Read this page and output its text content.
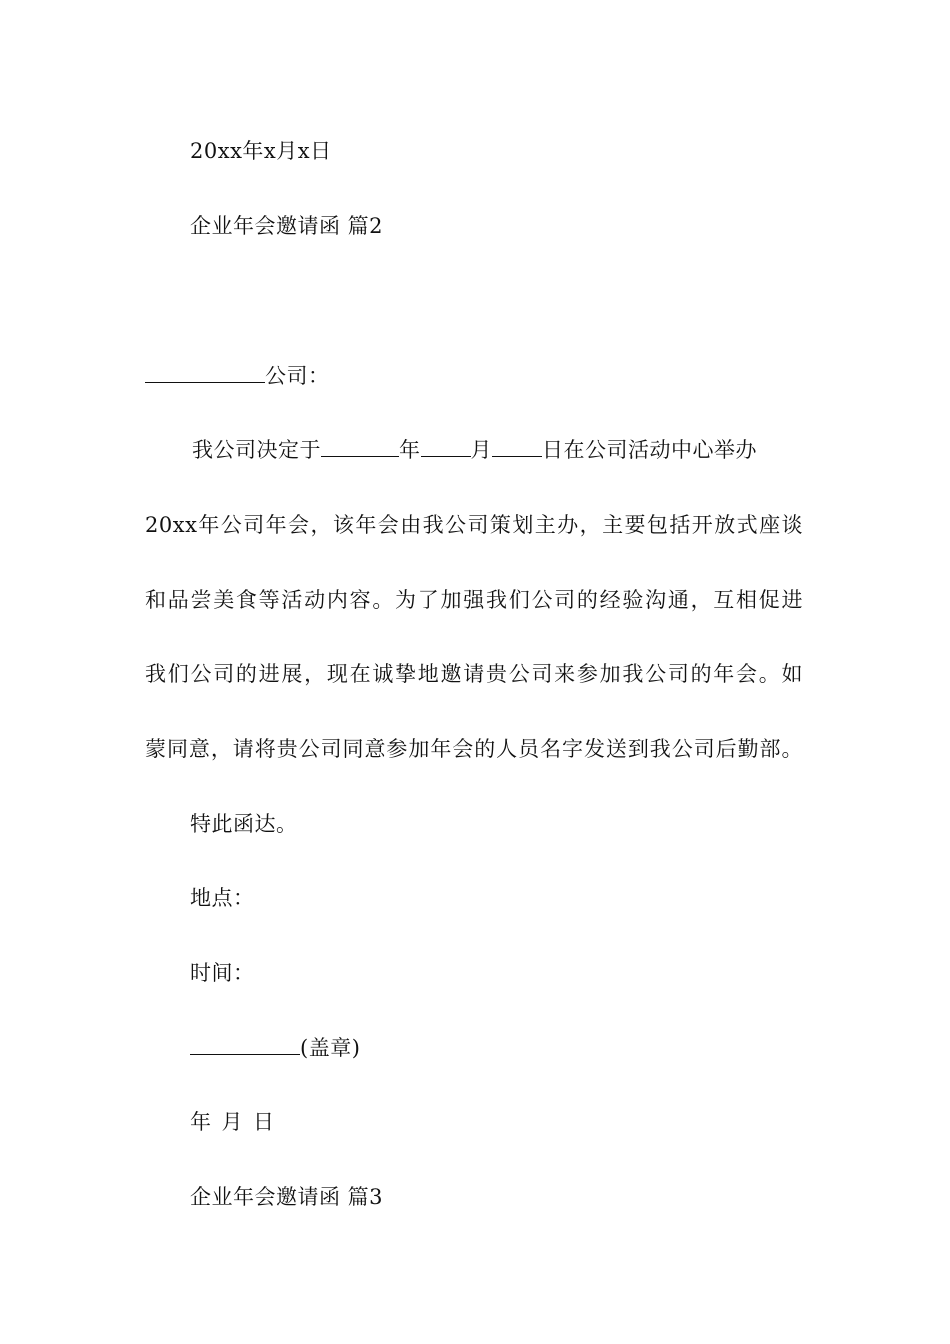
20xx年x月x日
企业年会邀请函 篇2
公司：
我公司决定于	年 月 日在公司活动中心举办
20xx年公司年会，该年会由我公司策划主办，主要包括开放式座谈
和品尝美食等活动内容。为了加强我们公司的经验沟通，互相促进
我们公司的进展，现在诚挚地邀请贵公司来参加我公司的年会。如
蒙同意，请将贵公司同意参加年会的人员名字发送到我公司后勤部。
特此函达。
地点：
时间：
(盖章)
年 月 日
企业年会邀请函 篇3
